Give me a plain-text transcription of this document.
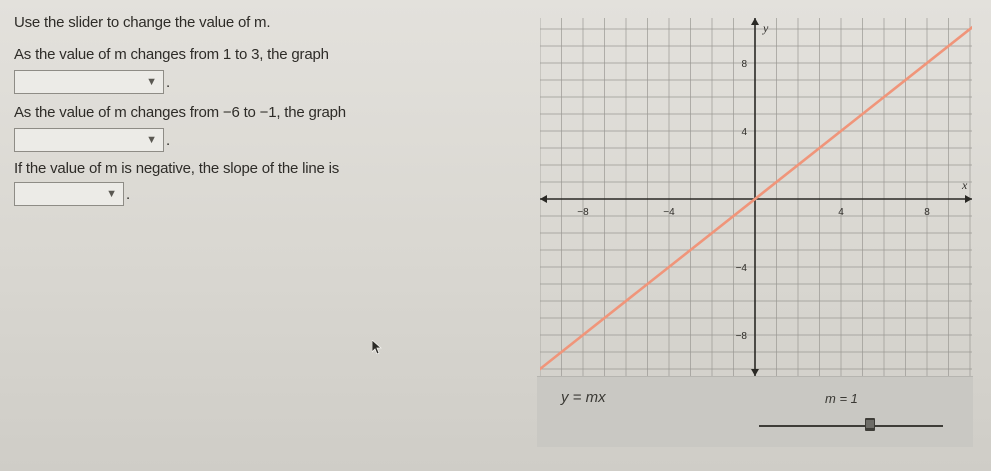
Use the slider to change the value of m.
As the value of m changes from 1 to 3, the graph
▼ .
As the value of m changes from −6 to −1, the graph
▼ .
If the value of m is negative, the slope of the line is
▼ .
−8	−4	4	8
8
4
−4
−8
x
y
y = mx	m = 1
